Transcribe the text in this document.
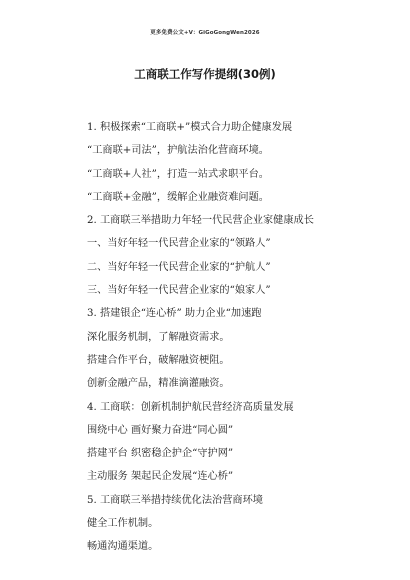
更多免费公文+V：GiGoGongWen2026
工商联工作写作提纲(30例)
1. 积极探索“工商联+”模式合力助企健康发展
“工商联+司法”，护航法治化营商环境。
“工商联+人社”，打造一站式求职平台。
“工商联+金融”，缓解企业融资难问题。
2. 工商联三举措助力年轻一代民营企业家健康成长
一、当好年轻一代民营企业家的“领路人”
二、当好年轻一代民营企业家的“护航人”
三、当好年轻一代民营企业家的“娘家人”
3. 搭建银企“连心桥” 助力企业“加速跑
深化服务机制，了解融资需求。
搭建合作平台，破解融资梗阻。
创新金融产品，精准滴灌融资。
4. 工商联：创新机制护航民营经济高质量发展
围绕中心 画好聚力奋进“同心圆”
搭建平台 织密稳企护企“守护网”
主动服务 架起民企发展“连心桥”
5. 工商联三举措持续优化法治营商环境
健全工作机制。
畅通沟通渠道。
